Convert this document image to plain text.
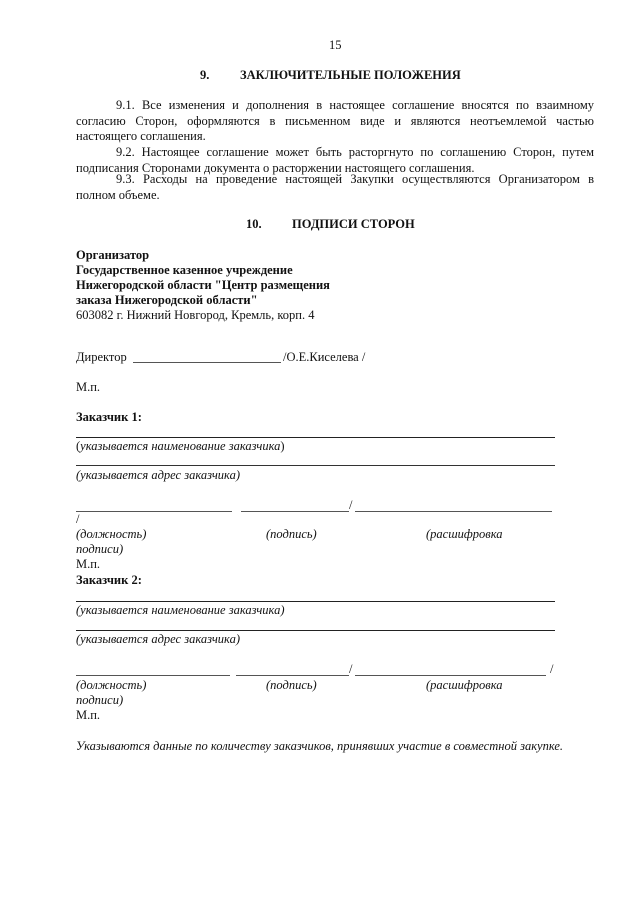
15
9. ЗАКЛЮЧИТЕЛЬНЫЕ ПОЛОЖЕНИЯ
9.1. Все изменения и дополнения в настоящее соглашение вносятся по взаимному согласию Сторон, оформляются в письменном виде и являются неотъемлемой частью настоящего соглашения.
9.2. Настоящее соглашение может быть расторгнуто по соглашению Сторон, путем подписания Сторонами документа о расторжении настоящего соглашения.
9.3. Расходы на проведение настоящей Закупки осуществляются Организатором в полном объеме.
10. ПОДПИСИ СТОРОН
Организатор
Государственное казенное учреждение
Нижегородской области "Центр размещения
заказа Нижегородской области"
603082 г. Нижний Новгород, Кремль, корп. 4
Директор	/О.Е.Киселева /
М.п.
Заказчик 1:
(указывается наименование заказчика)
(указывается адрес заказчика)
/
/
(должность)	(подпись)	(расшифровка
подписи)
М.п.
Заказчик 2:
(указывается наименование заказчика)
(указывается адрес заказчика)
/	/
(должность)	(подпись)	(расшифровка
подписи)
М.п.
Указываются данные по количеству заказчиков, принявших участие в совместной закупке.
